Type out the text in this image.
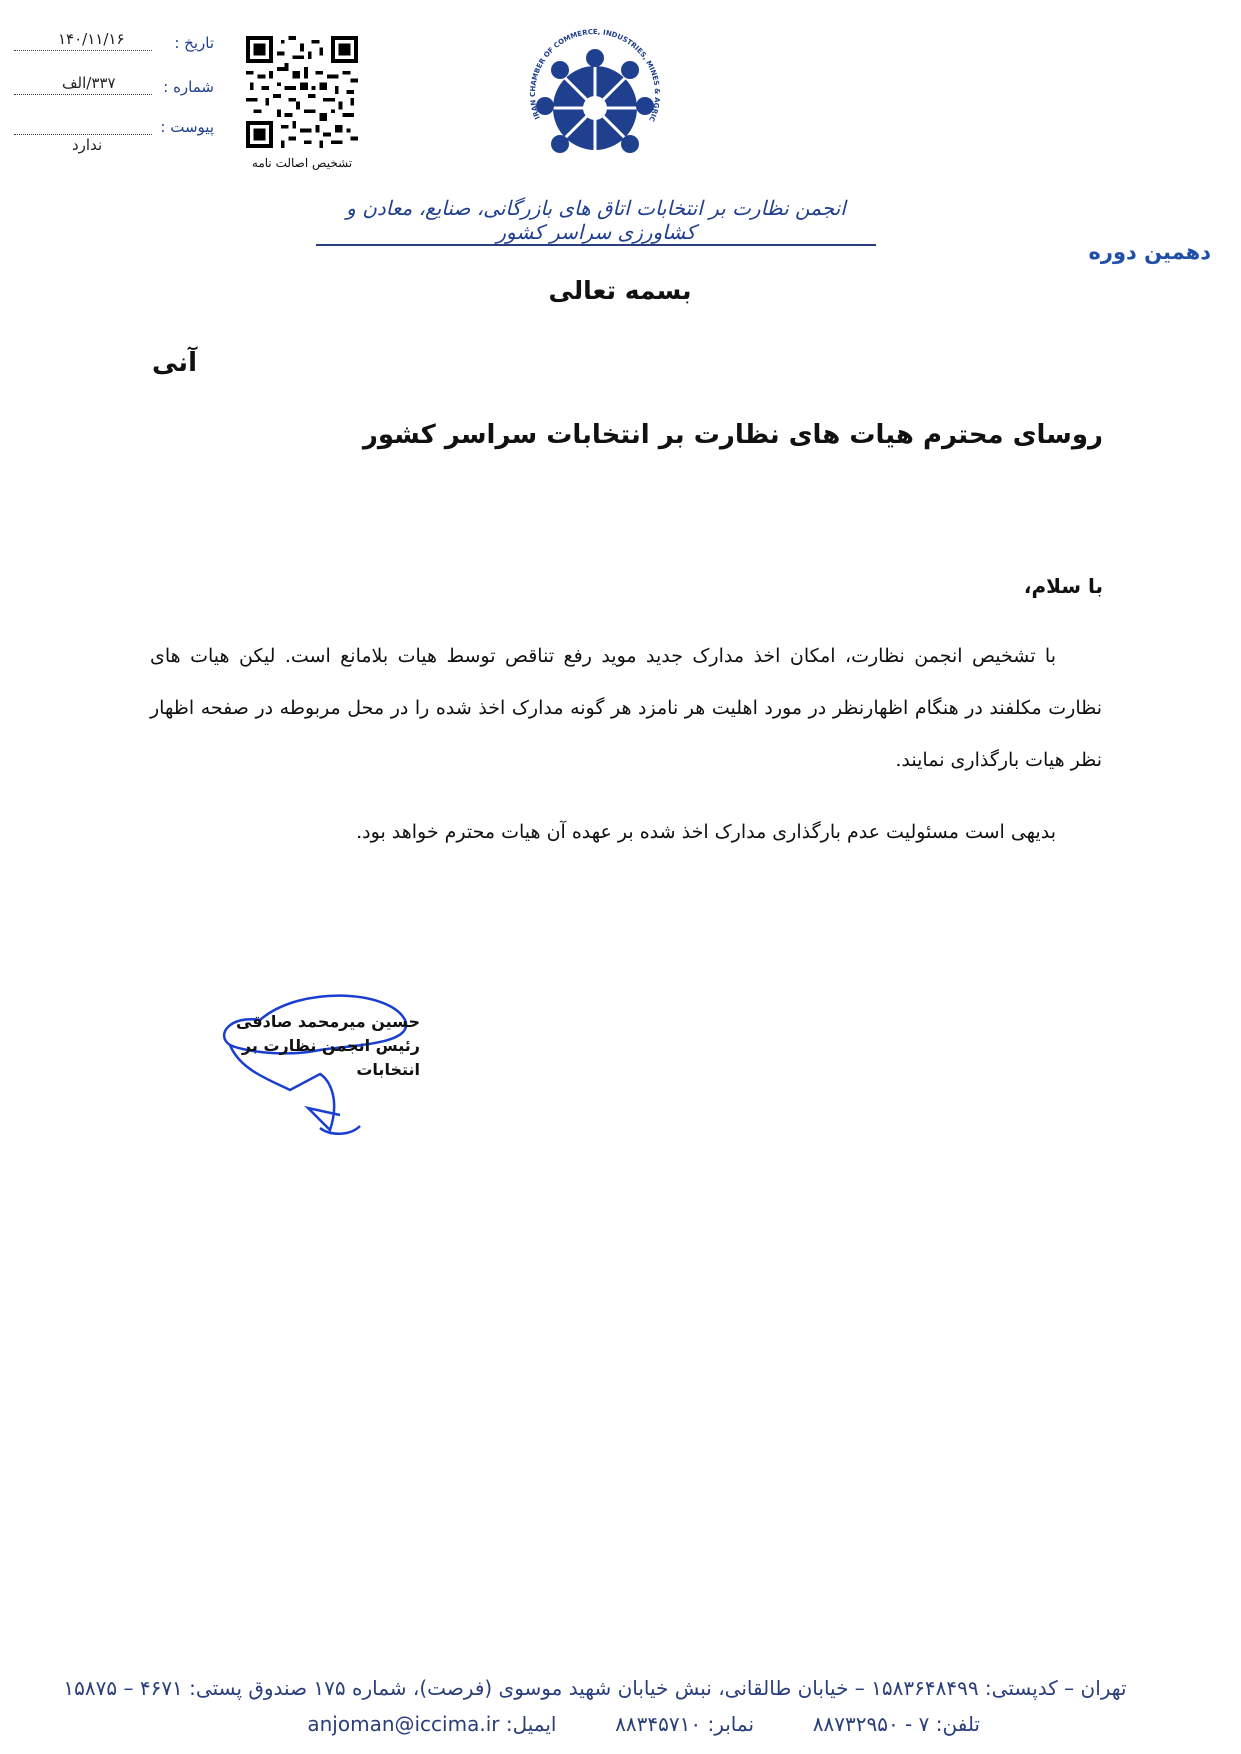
تاریخ :
۱۴۰/۱۱/۱۶
شماره :
۳۳۷/الف
پیوست :
ندارد
تشخیص اصالت نامه
IRAN CHAMBER OF COMMERCE, INDUSTRIES, MINES & AGRIC
انجمن نظارت بر انتخابات اتاق های بازرگانی، صنایع، معادن و کشاورزی سراسر کشور
دهمین دوره
بسمه تعالی
آنی
روسای محترم هیات های نظارت بر انتخابات سراسر کشور
با سلام،
با تشخیص انجمن نظارت، امکان اخذ مدارک جدید موید رفع تناقص توسط هیات بلامانع است. لیکن هیات های نظارت مکلفند در هنگام اظهارنظر در مورد اهلیت هر نامزد هر گونه مدارک اخذ شده را در محل مربوطه در صفحه اظهار نظر هیات بارگذاری نمایند.
بدیهی است مسئولیت عدم بارگذاری مدارک اخذ شده بر عهده آن هیات محترم خواهد بود.
حسین میرمحمد صادقی
رئیس انجمن نظارت بر انتخابات
تهران – کدپستی: ۱۵۸۳۶۴۸۴۹۹ – خیابان طالقانی، نبش خیابان شهید موسوی (فرصت)، شماره ۱۷۵ صندوق پستی: ۴۶۷۱ – ۱۵۸۷۵
تلفن: ۷ - ۸۸۷۳۲۹۵۰  نمابر: ۸۸۳۴۵۷۱۰  ایمیل: anjoman@iccima.ir
